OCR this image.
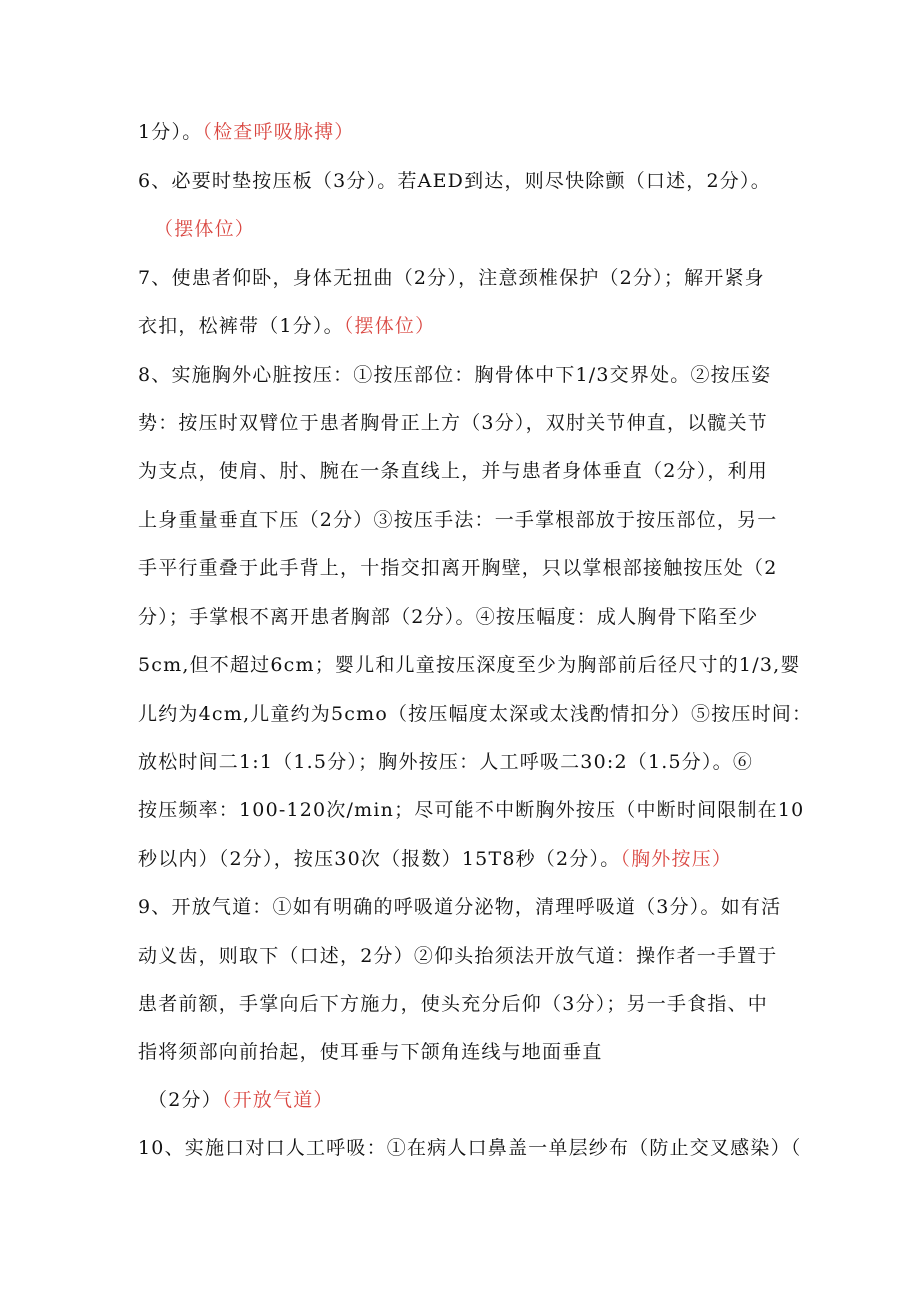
1分）。（检查呼吸脉搏）
6、必要时垫按压板（3分）。若AED到达，则尽快除颤（口述，2分）。
（摆体位）
7、使患者仰卧，身体无扭曲（2分），注意颈椎保护（2分）；解开紧身
衣扣，松裤带（1分）。（摆体位）
8、实施胸外心脏按压：①按压部位：胸骨体中下1/3交界处。②按压姿
势：按压时双臂位于患者胸骨正上方（3分），双肘关节伸直，以髋关节
为支点，使肩、肘、腕在一条直线上，并与患者身体垂直（2分），利用
上身重量垂直下压（2分）③按压手法：一手掌根部放于按压部位，另一
手平行重叠于此手背上，十指交扣离开胸壁，只以掌根部接触按压处（2
分）；手掌根不离开患者胸部（2分）。④按压幅度：成人胸骨下陷至少
5cm,但不超过6cm；婴儿和儿童按压深度至少为胸部前后径尺寸的1/3,婴
儿约为4cm,儿童约为5cmo（按压幅度太深或太浅酌情扣分）⑤按压时间：
放松时间二1:1（1.5分）；胸外按压：人工呼吸二30:2（1.5分）。⑥
按压频率：100-120次/min；尽可能不中断胸外按压（中断时间限制在10
秒以内）（2分），按压30次（报数）15T8秒（2分）。（胸外按压）
9、开放气道：①如有明确的呼吸道分泌物，清理呼吸道（3分）。如有活
动义齿，则取下（口述，2分）②仰头抬须法开放气道：操作者一手置于
患者前额，手掌向后下方施力，使头充分后仰（3分）；另一手食指、中
指将须部向前抬起，使耳垂与下颌角连线与地面垂直
（2分）（开放气道）
10、实施口对口人工呼吸：①在病人口鼻盖一单层纱布（防止交叉感染）（
